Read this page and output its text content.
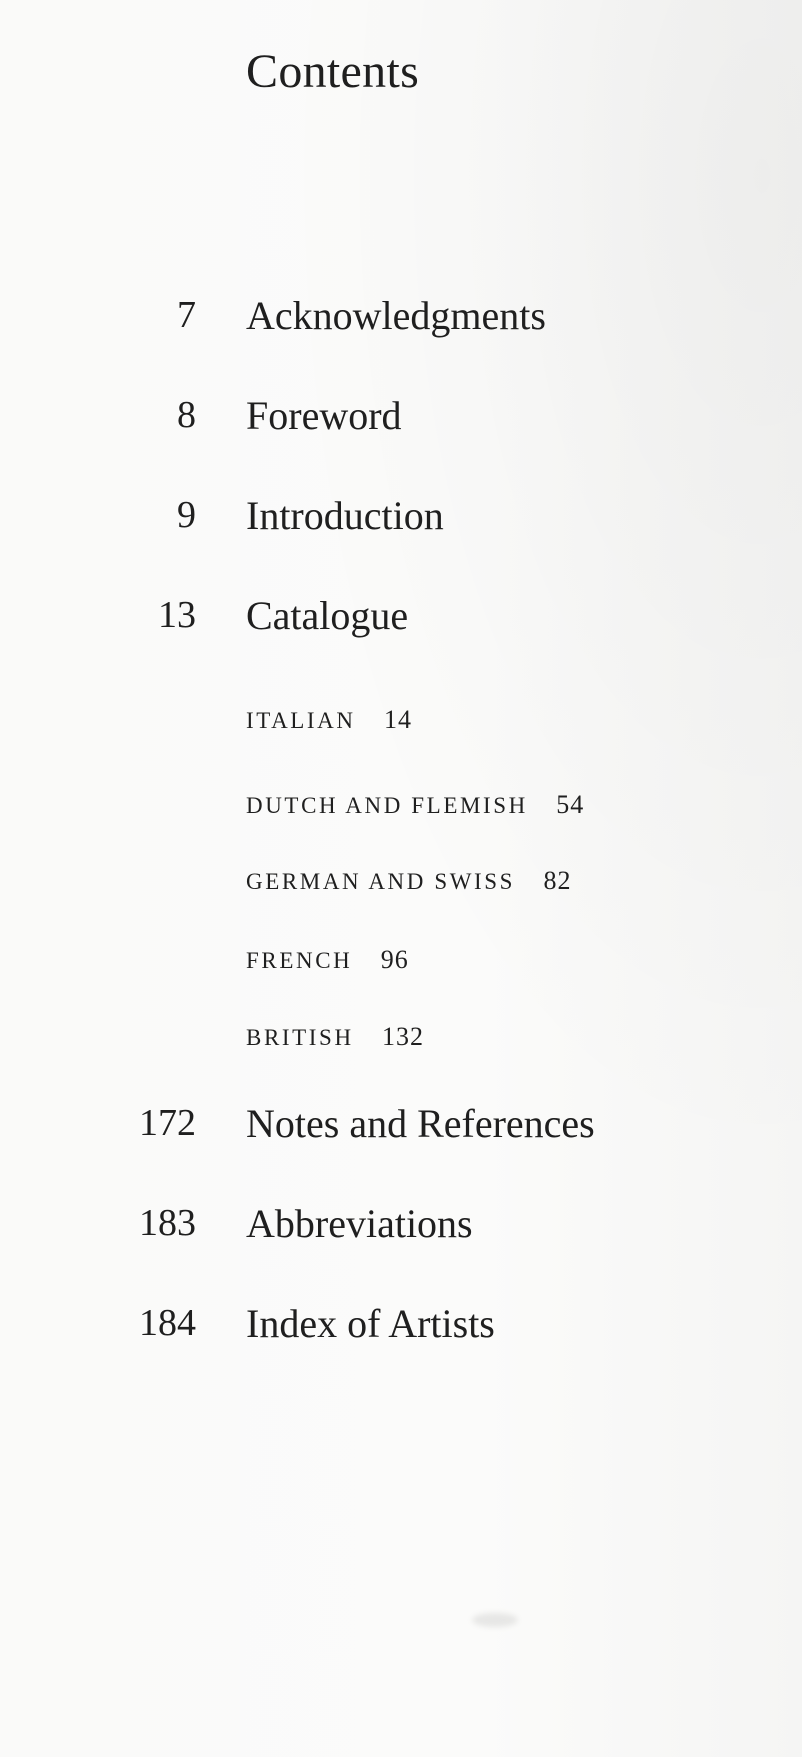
Contents
7 Acknowledgments
8 Foreword
9 Introduction
13 Catalogue
ITALIAN 14
DUTCH AND FLEMISH 54
GERMAN AND SWISS 82
FRENCH 96
BRITISH 132
172 Notes and References
183 Abbreviations
184 Index of Artists
